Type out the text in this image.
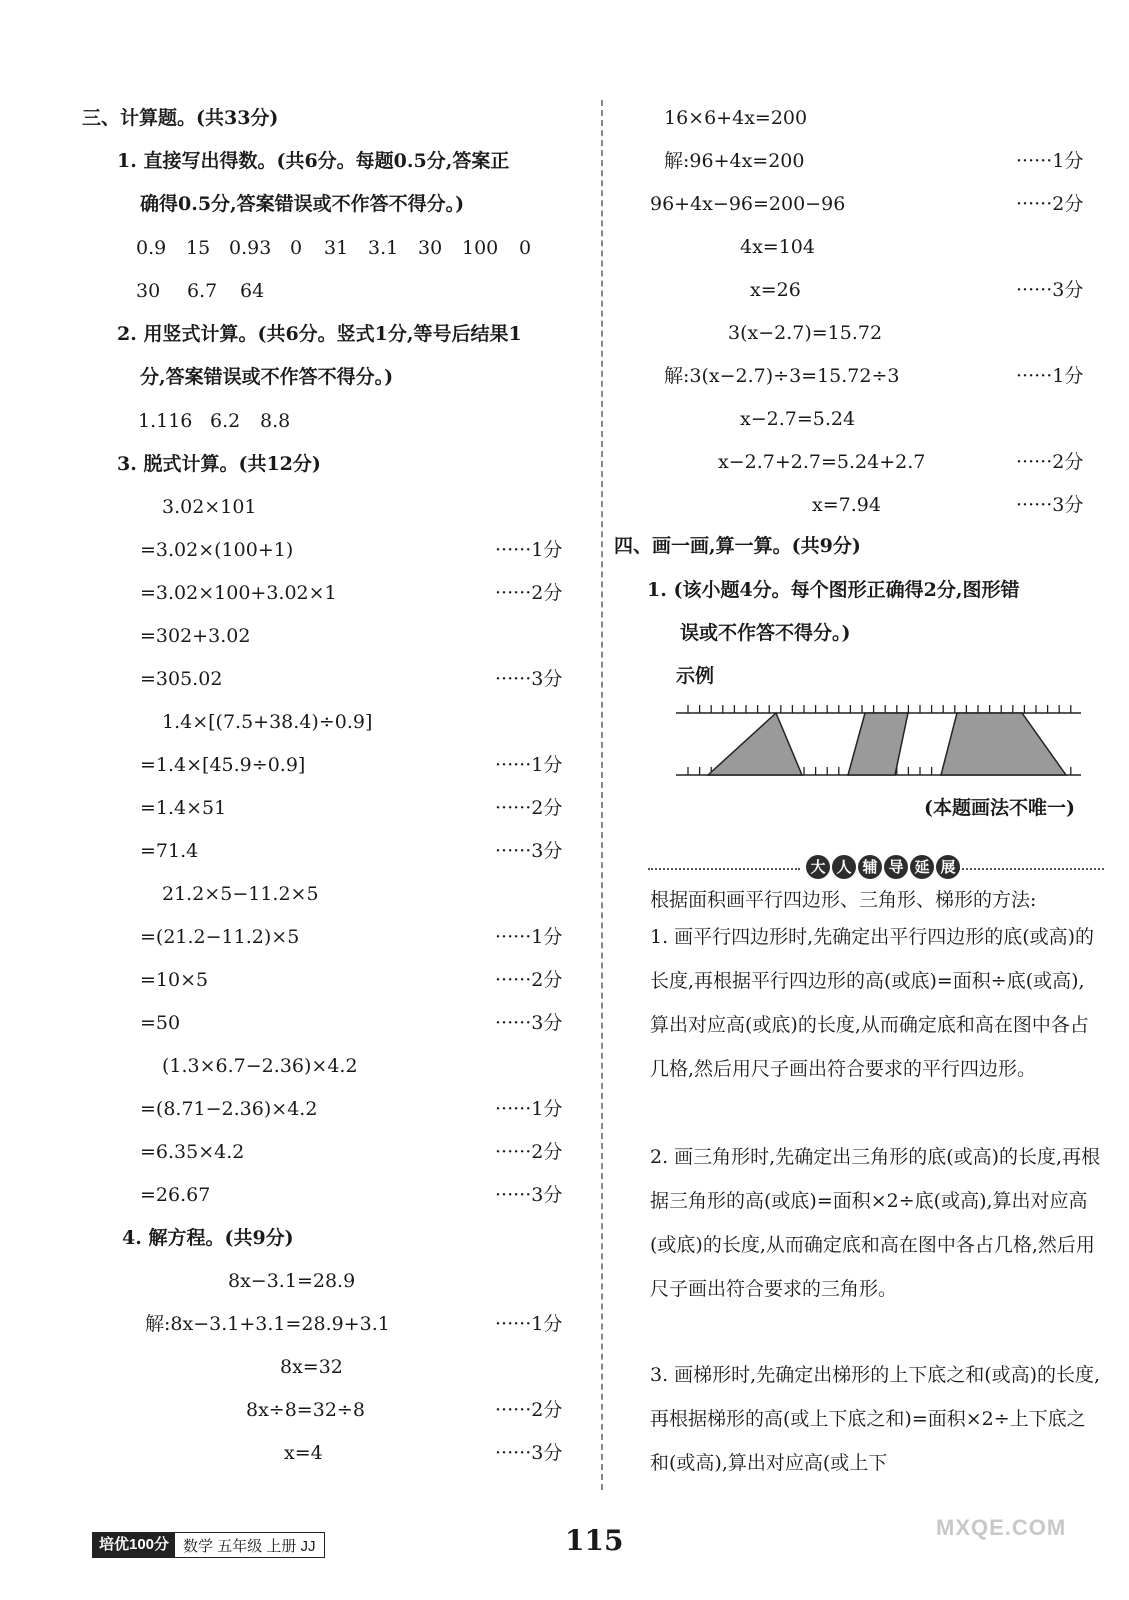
三、计算题。(共33分)
1. 直接写出得数。(共6分。每题0.5分,答案正
确得0.5分,答案错误或不作答不得分。)
0.9 15 0.93 0 31 3.1 30 100 0
30 6.7 64
2. 用竖式计算。(共6分。竖式1分,等号后结果1
分,答案错误或不作答不得分。)
1.116 6.2 8.8
3. 脱式计算。(共12分)
3.02×101
=3.02×(100+1)	······1分
=3.02×100+3.02×1	······2分
=302+3.02
=305.02	······3分
1.4×[(7.5+38.4)÷0.9]
=1.4×[45.9÷0.9]	······1分
=1.4×51	······2分
=71.4	······3分
21.2×5−11.2×5
=(21.2−11.2)×5	······1分
=10×5	······2分
=50	······3分
(1.3×6.7−2.36)×4.2
=(8.71−2.36)×4.2	······1分
=6.35×4.2	······2分
=26.67	······3分
4. 解方程。(共9分)
8x−3.1=28.9
解:8x−3.1+3.1=28.9+3.1	······1分
8x=32
8x÷8=32÷8	······2分
x=4	······3分
16×6+4x=200
解:96+4x=200	······1分
96+4x−96=200−96	······2分
4x=104
x=26	······3分
3(x−2.7)=15.72
解:3(x−2.7)÷3=15.72÷3	······1分
x−2.7=5.24
x−2.7+2.7=5.24+2.7	······2分
x=7.94	······3分
四、画一画,算一算。(共9分)
1. (该小题4分。每个图形正确得2分,图形错
误或不作答不得分。)
示例
(本题画法不唯一)
大 人 辅 导 延 展
根据面积画平行四边形、三角形、梯形的方法:
1. 画平行四边形时,先确定出平行四边形的底(或高)的长度,再根据平行四边形的高(或底)=面积÷底(或高),算出对应高(或底)的长度,从而确定底和高在图中各占几格,然后用尺子画出符合要求的平行四边形。
2. 画三角形时,先确定出三角形的底(或高)的长度,再根据三角形的高(或底)=面积×2÷底(或高),算出对应高(或底)的长度,从而确定底和高在图中各占几格,然后用尺子画出符合要求的三角形。
3. 画梯形时,先确定出梯形的上下底之和(或高)的长度,再根据梯形的高(或上下底之和)=面积×2÷上下底之和(或高),算出对应高(或上下
培优100分 数学 五年级 上册 JJ	115	MXQE.COM
